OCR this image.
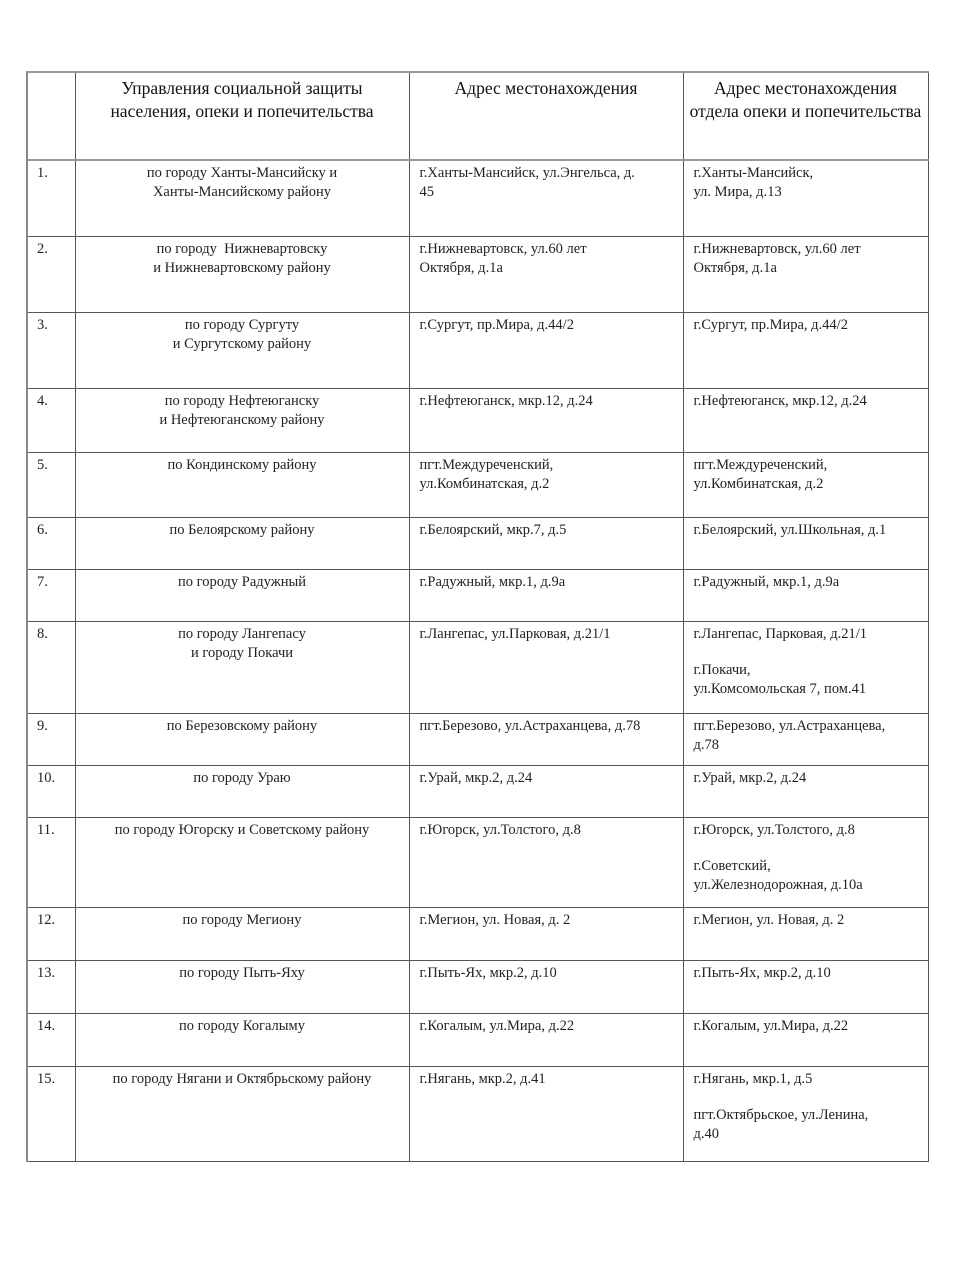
	Управления социальной защиты населения, опеки и попечительства	Адрес местонахождения	Адрес местонахождения отдела опеки и попечительства

1.	по городу Ханты-Мансийску и
Ханты-Мансийскому району	г.Ханты-Мансийск, ул.Энгельса, д.
45	г.Ханты-Мансийск,
ул. Мира, д.13

2.	по городу  Нижневартовску
и Нижневартовскому району	г.Нижневартовск, ул.60 лет
Октября, д.1а	г.Нижневартовск, ул.60 лет
Октября, д.1а

3.	по городу Сургуту
и Сургутскому району	г.Сургут, пр.Мира, д.44/2	г.Сургут, пр.Мира, д.44/2

4.	по городу Нефтеюганску
и Нефтеюганскому району	г.Нефтеюганск, мкр.12, д.24	г.Нефтеюганск, мкр.12, д.24

5.	по Кондинскому району	пгт.Междуреченский,
ул.Комбинатская, д.2	пгт.Междуреченский,
ул.Комбинатская, д.2

6.	по Белоярскому району	г.Белоярский, мкр.7, д.5	г.Белоярский, ул.Школьная, д.1

7.	по городу Радужный	г.Радужный, мкр.1, д.9а	г.Радужный, мкр.1, д.9а

8.	по городу Лангепасу
и городу Покачи	г.Лангепас, ул.Парковая, д.21/1	г.Лангепас, Парковая, д.21/1
г.Покачи,
ул.Комсомольская 7, пом.41

9.	по Березовскому району	пгт.Березово, ул.Астраханцева, д.78	пгт.Березово, ул.Астраханцева,
д.78

10.	по городу Ураю	г.Урай, мкр.2, д.24	г.Урай, мкр.2, д.24

11.	по городу Югорску и Советскому району	г.Югорск, ул.Толстого, д.8	г.Югорск, ул.Толстого, д.8
г.Советский,
ул.Железнодорожная, д.10а

12.	по городу Мегиону	г.Мегион, ул. Новая, д. 2	г.Мегион, ул. Новая, д. 2

13.	по городу Пыть-Яху	г.Пыть-Ях, мкр.2, д.10	г.Пыть-Ях, мкр.2, д.10

14.	по городу Когалыму	г.Когалым, ул.Мира, д.22	г.Когалым, ул.Мира, д.22

15.	по городу Нягани и Октябрьскому району	г.Нягань, мкр.2, д.41	г.Нягань, мкр.1, д.5
пгт.Октябрьское, ул.Ленина,
д.40
